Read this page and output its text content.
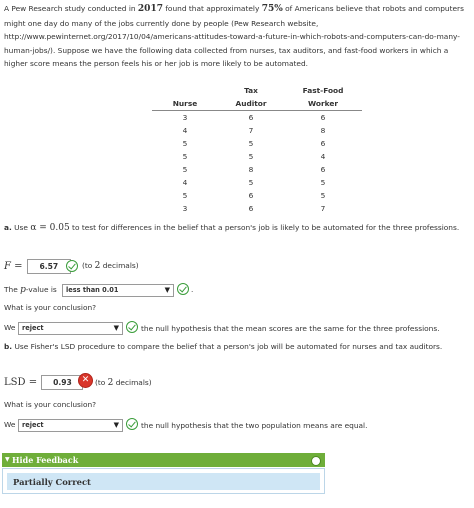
A Pew Research study conducted in 2017 found that approximately 75% of Americans believe that robots and computers might one day do many of the jobs currently done by people (Pew Research website, http://www.pewinternet.org/2017/10/04/americans-attitudes-toward-a-future-in-which-robots-and-computers-can-do-many-human-jobs/). Suppose we have the following data collected from nurses, tax auditors, and fast-food workers in which a higher score means the person feels his or her job is more likely to be automated.
	Tax	Fast-Food
Nurse	Auditor	Worker
3	6	6
4	7	8
5	5	6
5	5	4
5	8	6
4	5	5
5	6	5
3	6	7
a. Use α = 0.05 to test for differences in the belief that a person's job is likely to be automated for the three professions.
F = 6.57	(to 2 decimals)
The p-value is	less than 0.01	▼	.
What is your conclusion?
We reject	▼	the null hypothesis that the mean scores are the same for the three professions.
b. Use Fisher's LSD procedure to compare the belief that a person's job will be automated for nurses and tax auditors.
LSD = 0.93	✕ (to 2 decimals)
What is your conclusion?
We reject	▼	the null hypothesis that the two population means are equal.
▼ Hide Feedback
Partially Correct
